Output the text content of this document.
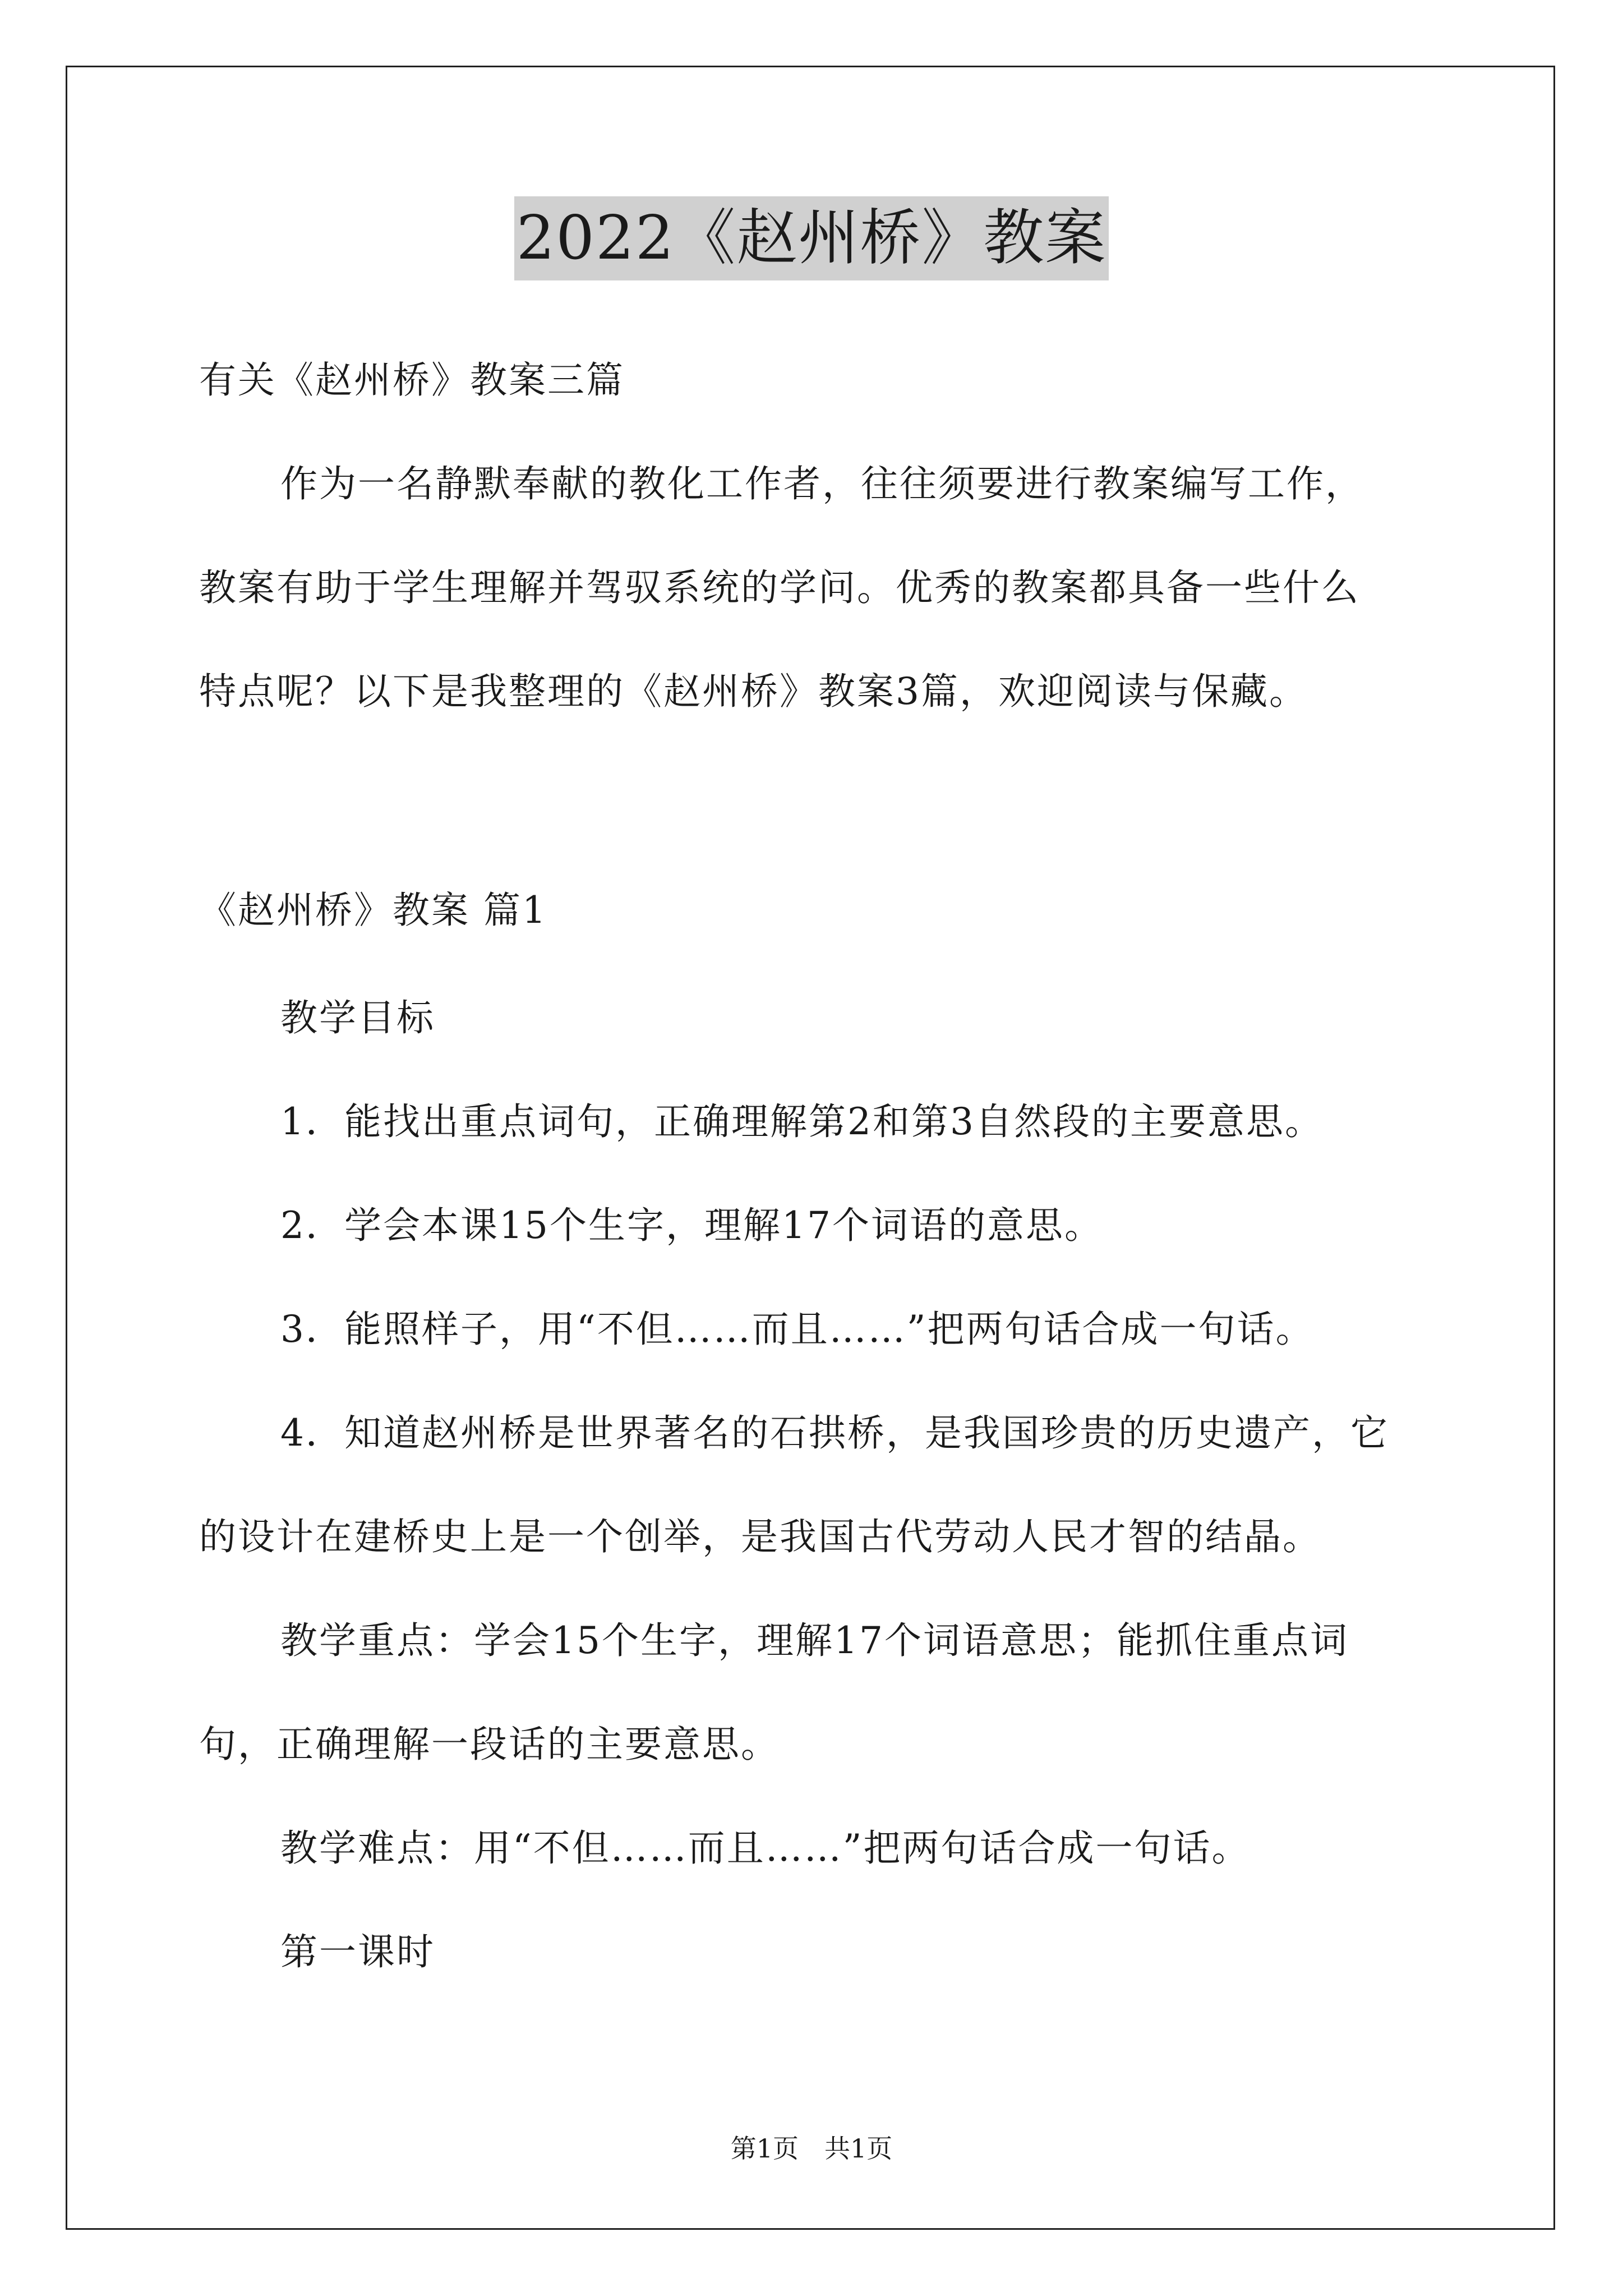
2022《赵州桥》教案
有关《赵州桥》教案三篇
作为一名静默奉献的教化工作者，往往须要进行教案编写工作，
教案有助于学生理解并驾驭系统的学问。优秀的教案都具备一些什么
特点呢？以下是我整理的《赵州桥》教案3篇，欢迎阅读与保藏。
《赵州桥》教案 篇1
教学目标
1．能找出重点词句，正确理解第2和第3自然段的主要意思。
2．学会本课15个生字，理解17个词语的意思。
3．能照样子，用“不但……而且……”把两句话合成一句话。
4．知道赵州桥是世界著名的石拱桥，是我国珍贵的历史遗产，它
的设计在建桥史上是一个创举，是我国古代劳动人民才智的结晶。
教学重点：学会15个生字，理解17个词语意思；能抓住重点词
句，正确理解一段话的主要意思。
教学难点：用“不但……而且……”把两句话合成一句话。
第一课时
第1页　共1页
